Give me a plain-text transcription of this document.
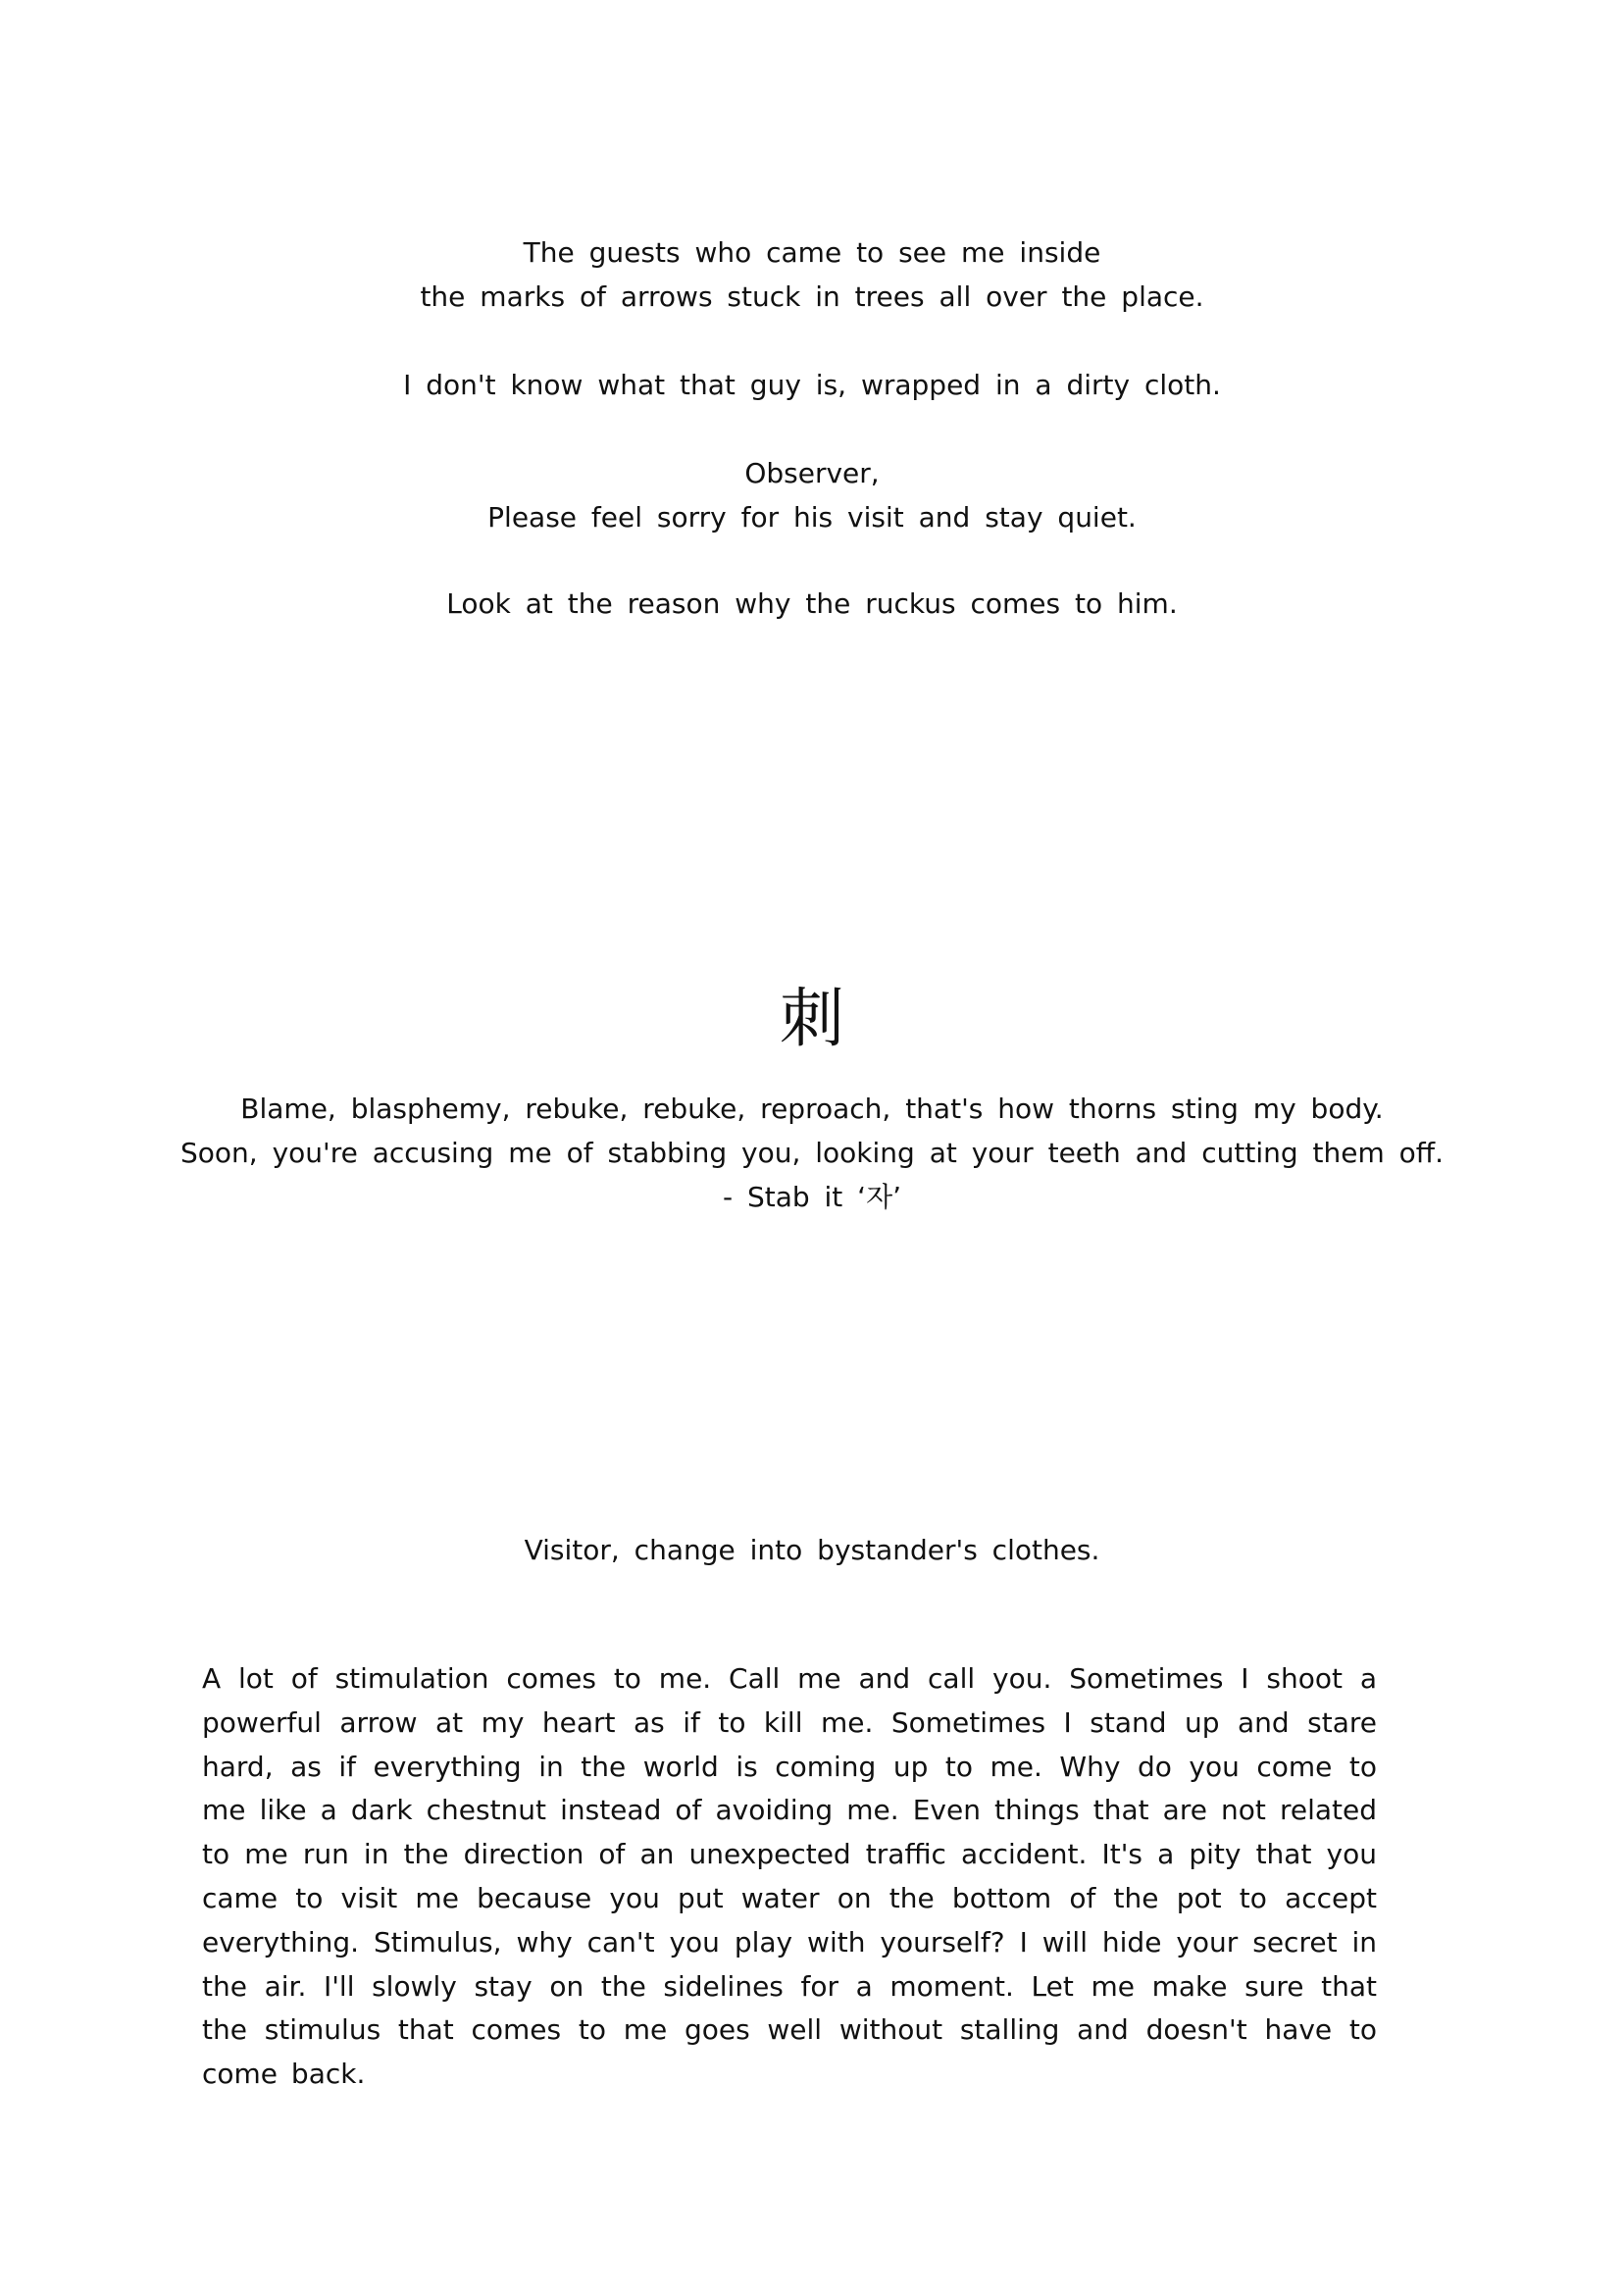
The guests who came to see me inside
the marks of arrows stuck in trees all over the place.
I don't know what that guy is, wrapped in a dirty cloth.
Observer,
Please feel sorry for his visit and stay quiet.
Look at the reason why the ruckus comes to him.
刺
Blame, blasphemy, rebuke, rebuke, reproach, that's how thorns sting my body.
Soon, you're accusing me of stabbing you, looking at your teeth and cutting them off.
- Stab it ‘자’
Visitor, change into bystander's clothes.

A lot of stimulation comes to me. Call me and call you. Sometimes I shoot a powerful arrow at my heart as if to kill me. Sometimes I stand up and stare hard, as if everything in the world is coming up to me. Why do you come to me like a dark chestnut instead of avoiding me. Even things that are not related to me run in the direction of an unexpected traffic accident. It's a pity that you came to visit me because you put water on the bottom of the pot to accept everything. Stimulus, why can't you play with yourself? I will hide your secret in the air. I'll slowly stay on the sidelines for a moment. Let me make sure that the stimulus that comes to me goes well without stalling and doesn't have to come back.
